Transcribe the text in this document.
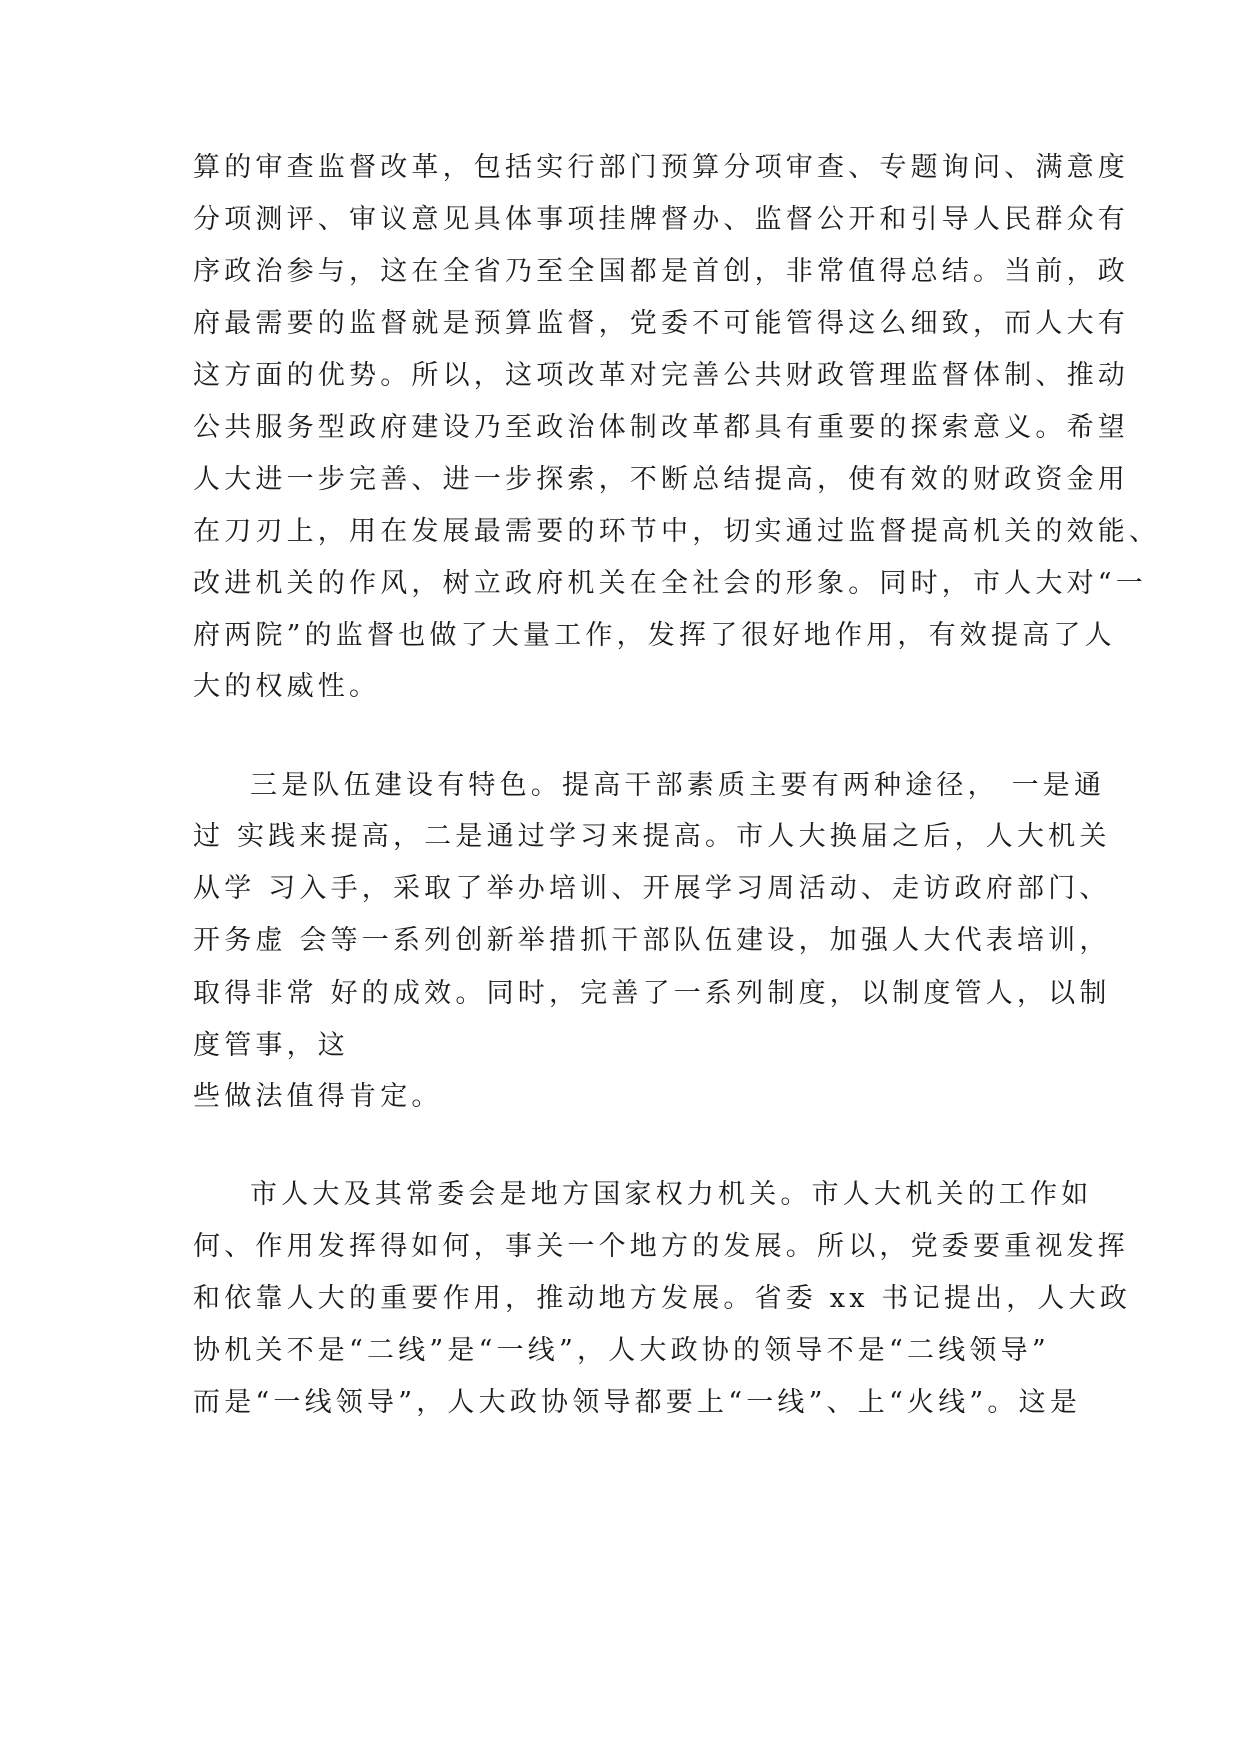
算的审查监督改革，包括实行部门预算分项审查、专题询问、满意度

分项测评、审议意见具体事项挂牌督办、监督公开和引导人民群众有

序政治参与，这在全省乃至全国都是首创，非常值得总结。当前，政

府最需要的监督就是预算监督，党委不可能管得这么细致，而人大有

这方面的优势。所以，这项改革对完善公共财政管理监督体制、推动

公共服务型政府建设乃至政治体制改革都具有重要的探索意义。希望

人大进一步完善、进一步探索，不断总结提高，使有效的财政资金用

在刀刃上，用在发展最需要的环节中，切实通过监督提高机关的效能、

改进机关的作风，树立政府机关在全社会的形象。同时，市人大对“一

府两院”的监督也做了大量工作，发挥了很好地作用，有效提高了人

大的权威性。

三是队伍建设有特色。提高干部素质主要有两种途径， 一是通

过 实践来提高，二是通过学习来提高。市人大换届之后，人大机关

从学 习入手，采取了举办培训、开展学习周活动、走访政府部门、

开务虚 会等一系列创新举措抓干部队伍建设，加强人大代表培训，

取得非常 好的成效。同时，完善了一系列制度，以制度管人，以制

度管事，这

些做法值得肯定。

市人大及其常委会是地方国家权力机关。市人大机关的工作如

何、作用发挥得如何，事关一个地方的发展。所以，党委要重视发挥

和依靠人大的重要作用，推动地方发展。省委 xx 书记提出，人大政

协机关不是“二线”是“一线”，人大政协的领导不是“二线领导”

而是“一线领导”，人大政协领导都要上“一线”、上“火线”。这是
